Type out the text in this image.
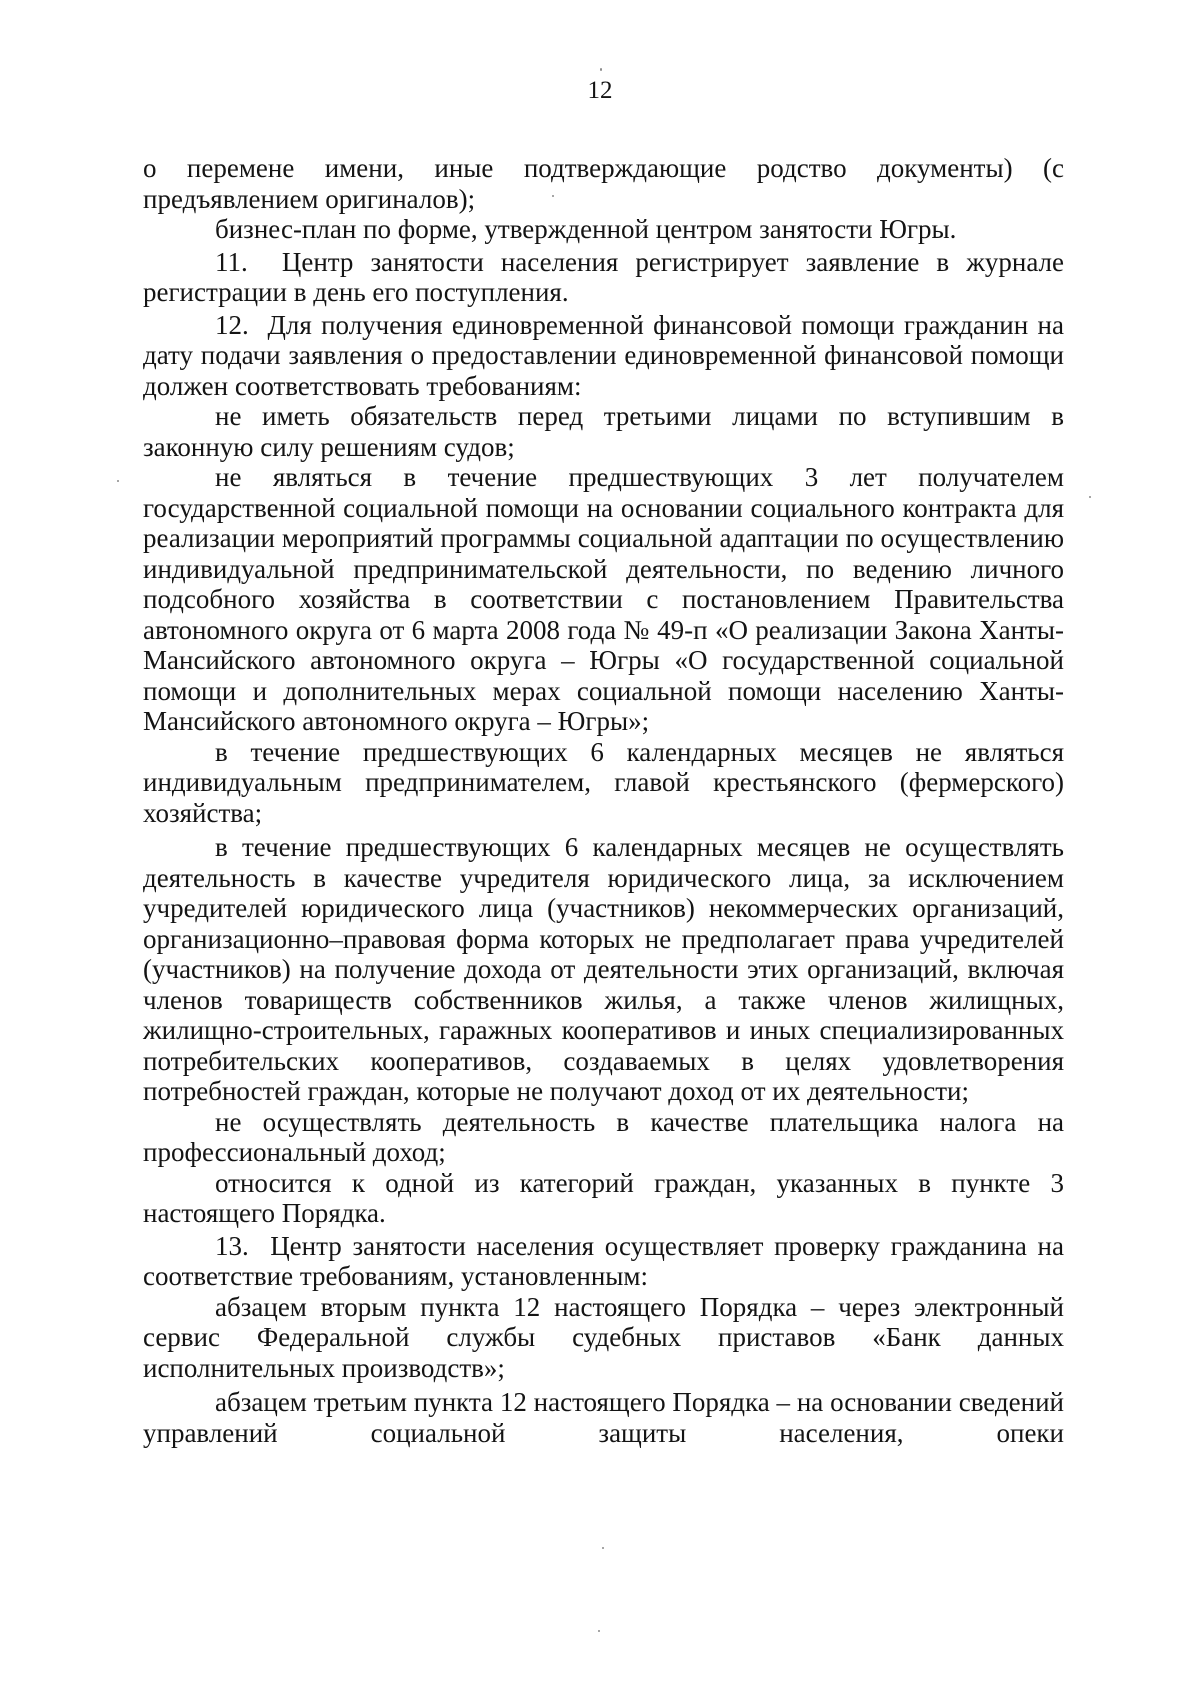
12

о перемене имени, иные подтверждающие родство документы) (с предъявлением оригиналов);

бизнес-план по форме, утвержденной центром занятости Югры.

11.  Центр занятости населения регистрирует заявление в журнале регистрации в день его поступления.

12.  Для получения единовременной финансовой помощи гражданин на дату подачи заявления о предоставлении единовременной финансовой помощи должен соответствовать требованиям:

не иметь обязательств перед третьими лицами по вступившим в законную силу решениям судов;

не являться в течение предшествующих 3 лет получателем государственной социальной помощи на основании социального контракта для реализации мероприятий программы социальной адаптации по осуществлению индивидуальной предпринимательской деятельности, по ведению личного подсобного хозяйства в соответствии с постановлением Правительства автономного округа от 6 марта 2008 года № 49-п «О реализации Закона Ханты-Мансийского автономного округа – Югры «О государственной социальной помощи и дополнительных мерах социальной помощи населению Ханты-Мансийского автономного округа – Югры»;

в течение предшествующих 6 календарных месяцев не являться индивидуальным предпринимателем, главой крестьянского (фермерского) хозяйства;

в течение предшествующих 6 календарных месяцев не осуществлять деятельность в качестве учредителя юридического лица, за исключением учредителей юридического лица (участников) некоммерческих организаций, организационно–правовая форма которых не предполагает права учредителей (участников) на получение дохода от деятельности этих организаций, включая членов товариществ собственников жилья, а также членов жилищных, жилищно-строительных, гаражных кооперативов и иных специализированных потребительских кооперативов, создаваемых в целях удовлетворения потребностей граждан, которые не получают доход от их деятельности;

не осуществлять деятельность в качестве плательщика налога на профессиональный доход;

относится к одной из категорий граждан, указанных в пункте 3 настоящего Порядка.

13.  Центр занятости населения осуществляет проверку гражданина на соответствие требованиям, установленным:

абзацем вторым пункта 12 настоящего Порядка – через электронный сервис Федеральной службы судебных приставов «Банк данных исполнительных производств»;

абзацем третьим пункта 12 настоящего Порядка – на основании сведений управлений социальной защиты населения, опеки
